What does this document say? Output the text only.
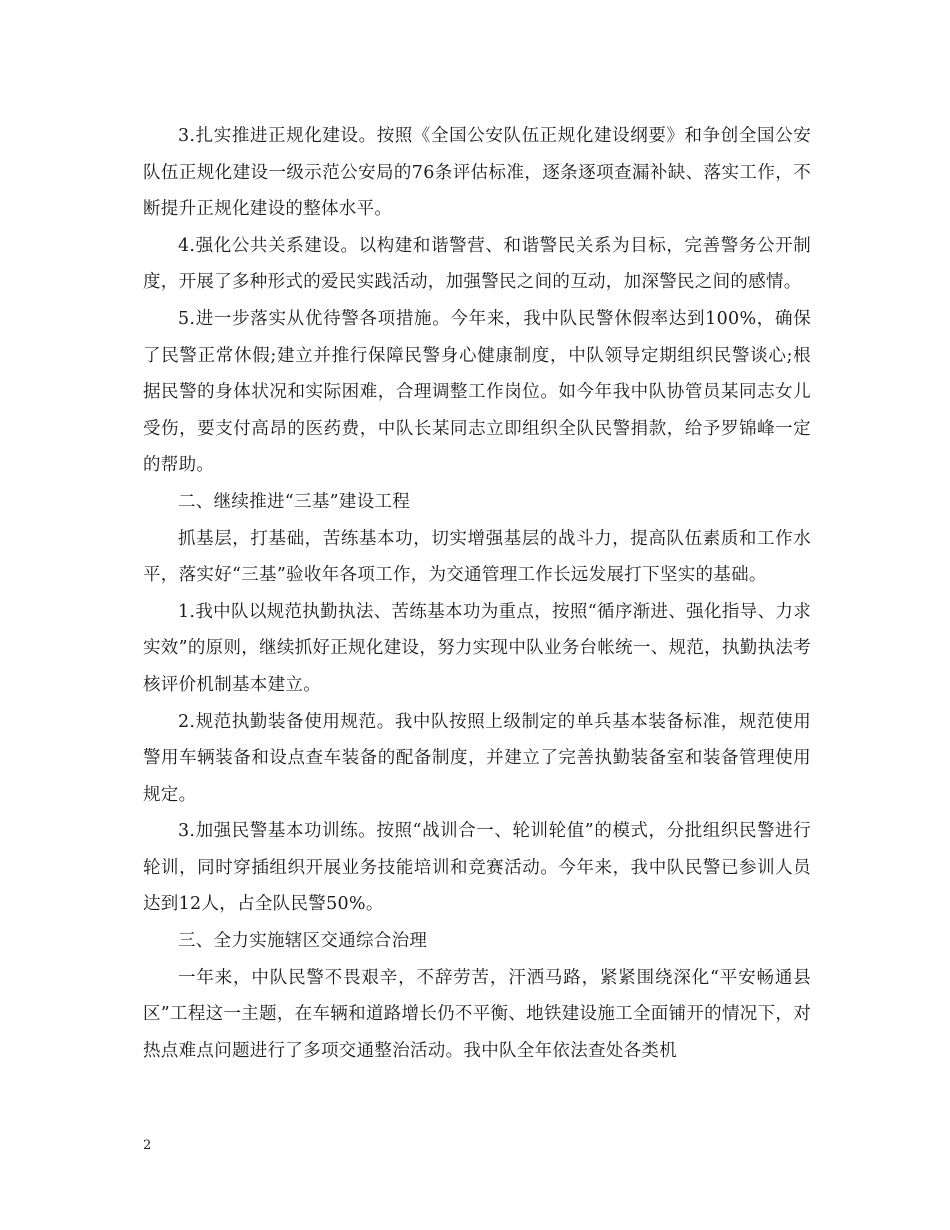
3.扎实推进正规化建设。按照《全国公安队伍正规化建设纲要》和争创全国公安队伍正规化建设一级示范公安局的76条评估标准，逐条逐项查漏补缺、落实工作，不断提升正规化建设的整体水平。

4.强化公共关系建设。以构建和谐警营、和谐警民关系为目标，完善警务公开制度，开展了多种形式的爱民实践活动，加强警民之间的互动，加深警民之间的感情。

5.进一步落实从优待警各项措施。今年来，我中队民警休假率达到100%，确保了民警正常休假;建立并推行保障民警身心健康制度，中队领导定期组织民警谈心;根据民警的身体状况和实际困难，合理调整工作岗位。如今年我中队协管员某同志女儿受伤，要支付高昂的医药费，中队长某同志立即组织全队民警捐款，给予罗锦峰一定的帮助。

二、继续推进“三基”建设工程

抓基层，打基础，苦练基本功，切实增强基层的战斗力，提高队伍素质和工作水平，落实好“三基”验收年各项工作，为交通管理工作长远发展打下坚实的基础。

1.我中队以规范执勤执法、苦练基本功为重点，按照“循序渐进、强化指导、力求实效”的原则，继续抓好正规化建设，努力实现中队业务台帐统一、规范，执勤执法考核评价机制基本建立。

2.规范执勤装备使用规范。我中队按照上级制定的单兵基本装备标准，规范使用警用车辆装备和设点查车装备的配备制度，并建立了完善执勤装备室和装备管理使用规定。

3.加强民警基本功训练。按照“战训合一、轮训轮值”的模式，分批组织民警进行轮训，同时穿插组织开展业务技能培训和竞赛活动。今年来，我中队民警已参训人员达到12人，占全队民警50%。

三、全力实施辖区交通综合治理

一年来，中队民警不畏艰辛，不辞劳苦，汗洒马路，紧紧围绕深化“平安畅通县区”工程这一主题，在车辆和道路增长仍不平衡、地铁建设施工全面铺开的情况下，对热点难点问题进行了多项交通整治活动。我中队全年依法查处各类机

2
